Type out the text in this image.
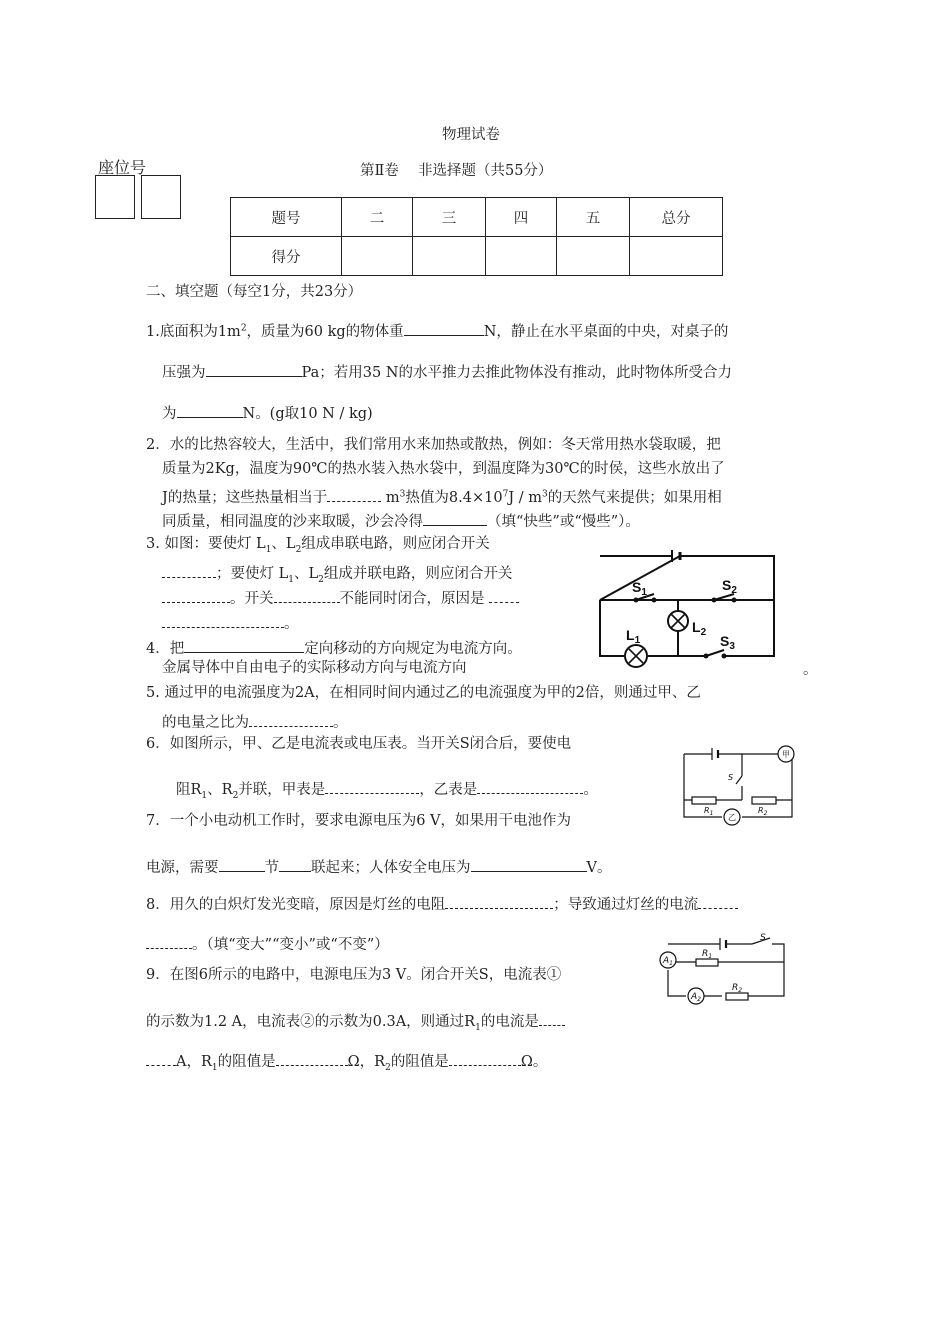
物理试卷
座位号	第Ⅱ卷　 非选择题（共55分）
题号	二	三	四	五	总分
得分					
二、填空题（每空1分，共23分）
1.底面积为$1m^2$，质量为60 kg的物体重	N，静止在水平桌面的中央，对桌子的
压强为	Pa；若用35 N的水平推力去推此物体没有推动，此时物体所受合力
为	N。(g取10 N / kg)
2．水的比热容较大，生活中，我们常用水来加热或散热，例如：冬天常用热水袋取暖，把
质量为2Kg，温度为90℃的热水装入热水袋中，到温度降为30℃的时侯，这些水放出了
J的热量；这些热量相当于	$m^3$热值为$8.4\times 10^7J / m^3$的天然气来提供；如果用相
同质量，相同温度的沙来取暖，沙会冷得	（填“快些”或“慢些”）。
3. 如图：要使灯 $L_1$、$L_2$组成串联电路，则应闭合开关
；要使灯 $L_1$、$L_2$组成并联电路，则应闭合开关
。开关	不能同时闭合，原因是
。
4．把	定向移动的方向规定为电流方向。
金属导体中自由电子的实际移动方向与电流方向	。
5. 通过甲的电流强度为2A，在相同时间内通过乙的电流强度为甲的2倍，则通过甲、乙
的电量之比为	。
6．如图所示，甲、乙是电流表或电压表。当开关S闭合后，要使电
阻$R_1$、$R_2$并联，甲表是	，乙表是	。
7．一个小电动机工作时，要求电源电压为6 V，如果用干电池作为
电源，需要	节 联起来；人体安全电压为	V。
8．用久的白炽灯发光变暗，原因是灯丝的电阻	；导致通过灯丝的电流
。（填“变大”“变小”或“不变”）
9．在图6所示的电路中，电源电压为3 V。闭合开关S，电流表①
的示数为1.2 A，电流表②的示数为0.3A，则通过$R_1$的电流是
A，$R_1$的阻值是	Ω，$R_2$的阻值是	Ω。
$S_1$	$S_2$
$S_3$
$L_1$
$L_2$
甲
乙
S
$R_1$	$R_2$
$A_1$
$A_2$
S
$R_1$
$R_2$
